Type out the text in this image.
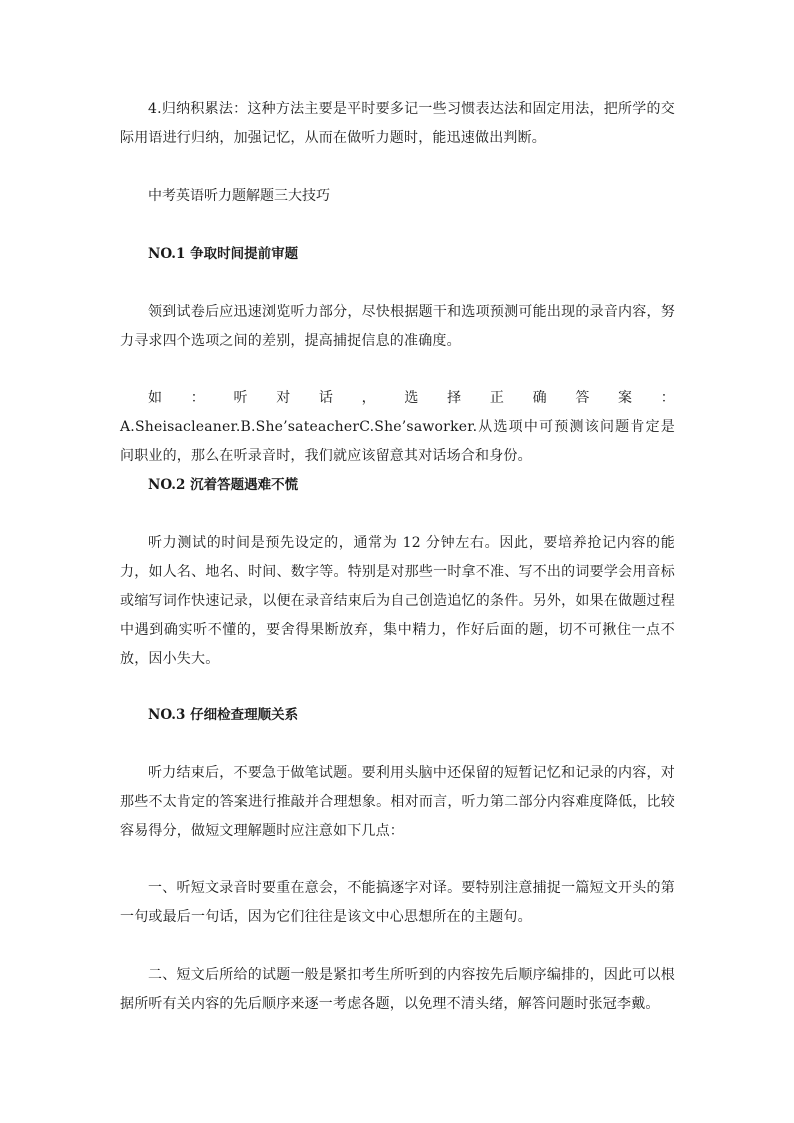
4.归纳积累法：这种方法主要是平时要多记一些习惯表达法和固定用法，把所学的交际用语进行归纳，加强记忆，从而在做听力题时，能迅速做出判断。

中考英语听力题解题三大技巧

NO.1 争取时间提前审题

领到试卷后应迅速浏览听力部分，尽快根据题干和选项预测可能出现的录音内容，努力寻求四个选项之间的差别，提高捕捉信息的准确度。

如：听对话，选择正确答案：A.Sheisacleaner.B.She’sateacherC.She’saworker.从选项中可预测该问题肯定是问职业的，那么在听录音时，我们就应该留意其对话场合和身份。

NO.2 沉着答题遇难不慌

听力测试的时间是预先设定的，通常为 12 分钟左右。因此，要培养抢记内容的能力，如人名、地名、时间、数字等。特别是对那些一时拿不准、写不出的词要学会用音标或缩写词作快速记录，以便在录音结束后为自己创造追忆的条件。另外，如果在做题过程中遇到确实听不懂的，要舍得果断放弃，集中精力，作好后面的题，切不可揪住一点不放，因小失大。

NO.3 仔细检查理顺关系

听力结束后，不要急于做笔试题。要利用头脑中还保留的短暂记忆和记录的内容，对那些不太肯定的答案进行推敲并合理想象。相对而言，听力第二部分内容难度降低，比较容易得分，做短文理解题时应注意如下几点：

一、听短文录音时要重在意会，不能搞逐字对译。要特别注意捕捉一篇短文开头的第一句或最后一句话，因为它们往往是该文中心思想所在的主题句。

二、短文后所给的试题一般是紧扣考生所听到的内容按先后顺序编排的，因此可以根据所听有关内容的先后顺序来逐一考虑各题，以免理不清头绪，解答问题时张冠李戴。
